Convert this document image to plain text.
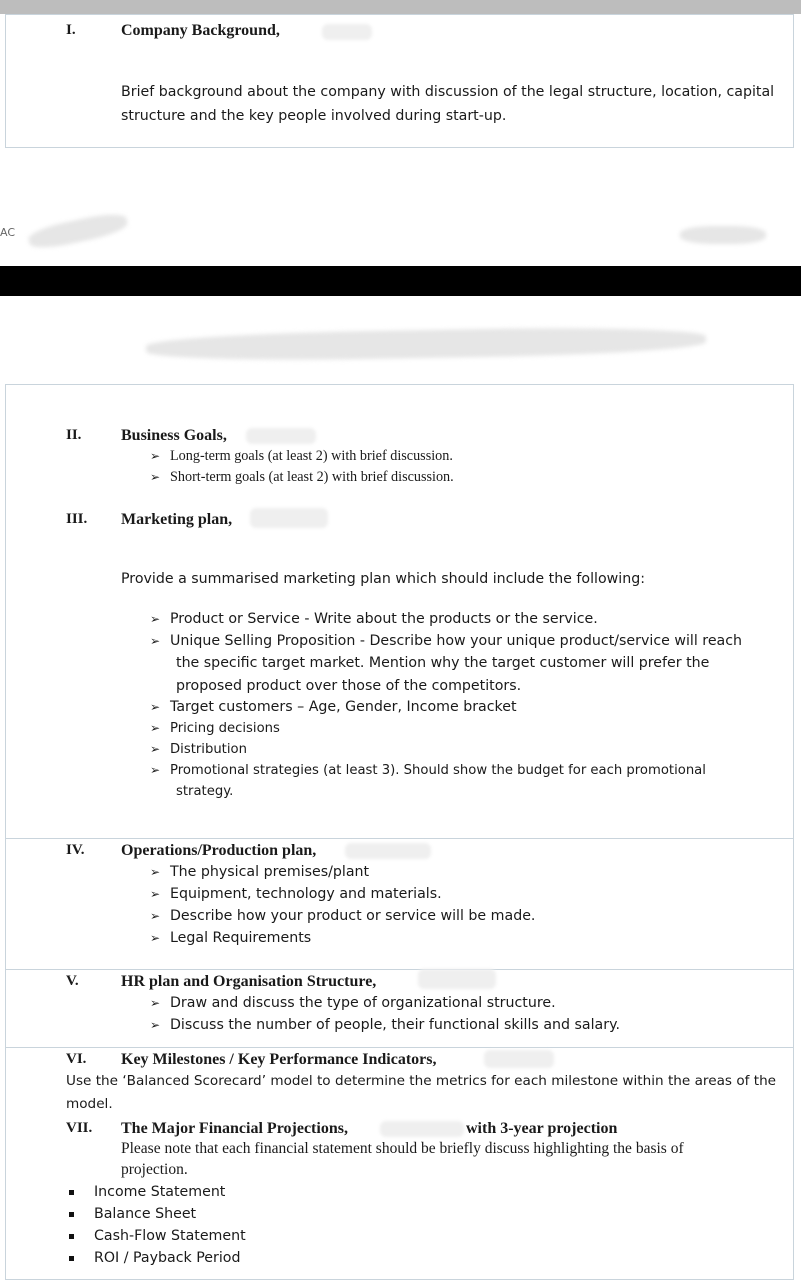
I.	Company Background,
Brief background about the company with discussion of the legal structure, location, capital
structure and the key people involved during start-up.
AC
II. Business Goals,
➢ Long-term goals (at least 2) with brief discussion.
➢ Short-term goals (at least 2) with brief discussion.
III. Marketing plan,
Provide a summarised marketing plan which should include the following:
➢ Product or Service - Write about the products or the service.
➢ Unique Selling Proposition - Describe how your unique product/service will reach
the specific target market. Mention why the target customer will prefer the
proposed product over those of the competitors.
➢ Target customers – Age, Gender, Income bracket
➢ Pricing decisions
➢ Distribution
➢ Promotional strategies (at least 3). Should show the budget for each promotional
strategy.
IV. Operations/Production plan,
➢ The physical premises/plant
➢ Equipment, technology and materials.
➢ Describe how your product or service will be made.
➢ Legal Requirements
V.	HR plan and Organisation Structure,
➢ Draw and discuss the type of organizational structure.
➢ Discuss the number of people, their functional skills and salary.
VI. Key Milestones / Key Performance Indicators,
Use the ‘Balanced Scorecard’ model to determine the metrics for each milestone within the areas of the
model.
VII. The Major Financial Projections,	with 3-year projection
Please note that each financial statement should be briefly discuss highlighting the basis of
projection.
Income Statement
Balance Sheet
Cash-Flow Statement
ROI / Payback Period
